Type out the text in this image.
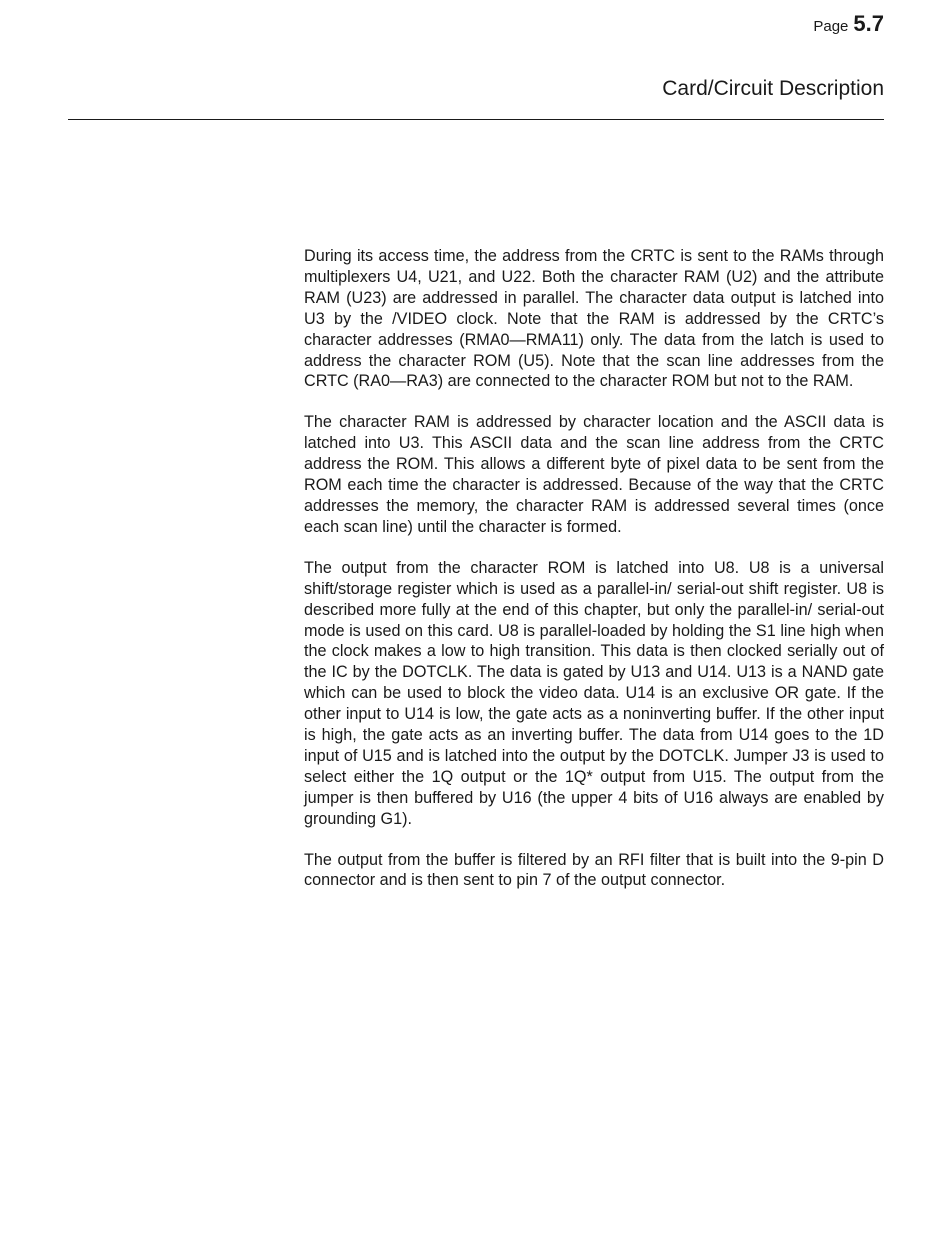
Page 5.7
Card/Circuit Description

During its access time, the address from the CRTC is sent to the RAMs through multiplexers U4, U21, and U22. Both the character RAM (U2) and the attribute RAM (U23) are addressed in parallel. The character data output is latched into U3 by the /VIDEO clock. Note that the RAM is addressed by the CRTC’s character addresses (RMA0—RMA11) only. The data from the latch is used to address the character ROM (U5). Note that the scan line addresses from the CRTC (RA0—RA3) are connected to the character ROM but not to the RAM.

The character RAM is addressed by character location and the ASCII data is latched into U3. This ASCII data and the scan line address from the CRTC address the ROM. This allows a different byte of pixel data to be sent from the ROM each time the character is addressed. Because of the way that the CRTC addresses the memory, the character RAM is addressed several times (once each scan line) until the character is formed.

The output from the character ROM is latched into U8. U8 is a universal shift/storage register which is used as a parallel-in/ serial-out shift register. U8 is described more fully at the end of this chapter, but only the parallel-in/ serial-out mode is used on this card. U8 is parallel-loaded by holding the S1 line high when the clock makes a low to high transition. This data is then clocked serially out of the IC by the DOTCLK. The data is gated by U13 and U14. U13 is a NAND gate which can be used to block the video data. U14 is an exclusive OR gate. If the other input to U14 is low, the gate acts as a noninverting buffer. If the other input is high, the gate acts as an inverting buffer. The data from U14 goes to the 1D input of U15 and is latched into the output by the DOTCLK. Jumper J3 is used to select either the 1Q output or the 1Q* output from U15. The output from the jumper is then buffered by U16 (the upper 4 bits of U16 always are enabled by grounding G1).

The output from the buffer is filtered by an RFI filter that is built into the 9-pin D connector and is then sent to pin 7 of the output connector.
